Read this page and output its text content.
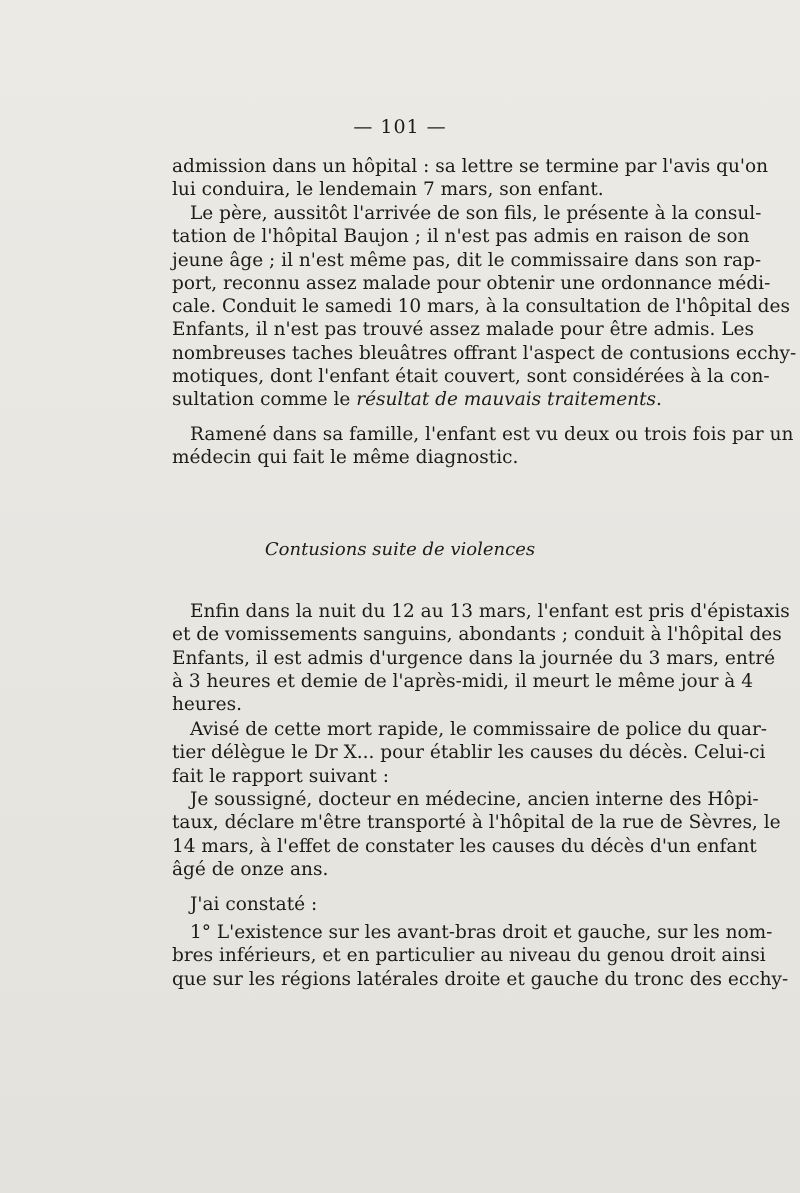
— 101 —
admission dans un hôpital : sa lettre se termine par l'avis qu'on
lui conduira, le lendemain 7 mars, son enfant.
Le père, aussitôt l'arrivée de son fils, le présente à la consul-
tation de l'hôpital Baujon ; il n'est pas admis en raison de son
jeune âge ; il n'est même pas, dit le commissaire dans son rap-
port, reconnu assez malade pour obtenir une ordonnance médi-
cale. Conduit le samedi 10 mars, à la consultation de l'hôpital des
Enfants, il n'est pas trouvé assez malade pour être admis. Les
nombreuses taches bleuâtres offrant l'aspect de contusions ecchy-
motiques, dont l'enfant était couvert, sont considérées à la con-
sultation comme le résultat de mauvais traitements.
Ramené dans sa famille, l'enfant est vu deux ou trois fois par un
médecin qui fait le même diagnostic.
Contusions suite de violences
Enfin dans la nuit du 12 au 13 mars, l'enfant est pris d'épistaxis
et de vomissements sanguins, abondants ; conduit à l'hôpital des
Enfants, il est admis d'urgence dans la journée du 3 mars, entré
à 3 heures et demie de l'après-midi, il meurt le même jour à 4
heures.
Avisé de cette mort rapide, le commissaire de police du quar-
tier délègue le Dr X... pour établir les causes du décès. Celui-ci
fait le rapport suivant :
Je soussigné, docteur en médecine, ancien interne des Hôpi-
taux, déclare m'être transporté à l'hôpital de la rue de Sèvres, le
14 mars, à l'effet de constater les causes du décès d'un enfant
âgé de onze ans.
J'ai constaté :
1° L'existence sur les avant-bras droit et gauche, sur les nom-
bres inférieurs, et en particulier au niveau du genou droit ainsi
que sur les régions latérales droite et gauche du tronc des ecchy-
